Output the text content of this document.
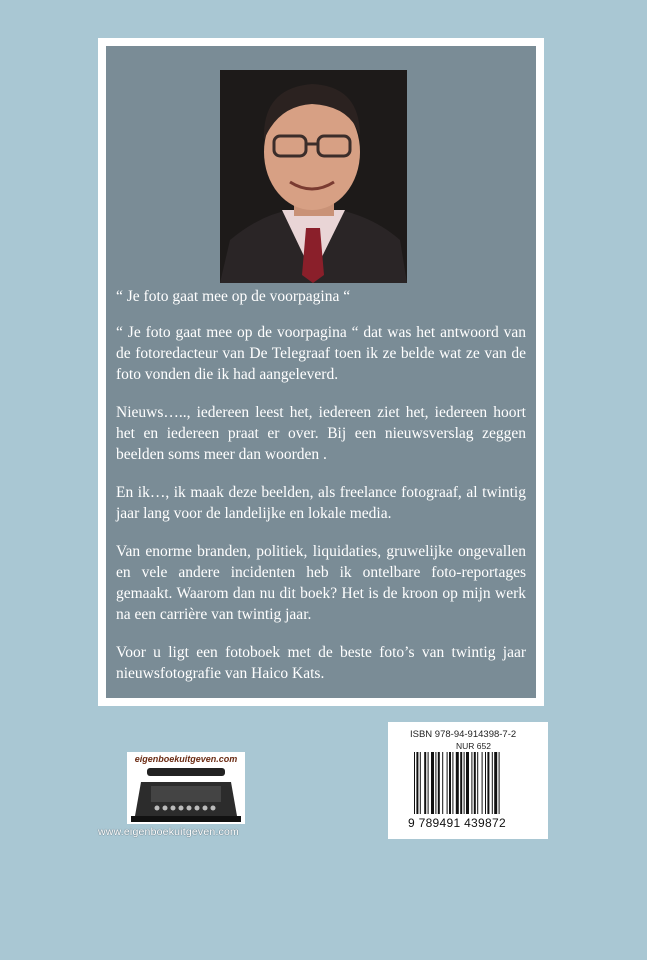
“ Je foto gaat mee op de voorpagina “

“ Je foto gaat mee op de voorpagina “ dat was het antwoord van de fotoredacteur van De Telegraaf toen ik ze belde wat ze van de foto vonden die ik had aangeleverd.

Nieuws….., iedereen leest het, iedereen ziet het, iedereen hoort het en iedereen praat er over. Bij een nieuwsverslag zeggen beelden soms meer dan woorden .

En ik…, ik maak deze beelden, als freelance fotograaf, al twintig jaar lang voor de landelijke en lokale media.

Van enorme branden, politiek, liquidaties, gruwelijke ongevallen en vele andere incidenten heb ik ontelbare foto-reportages gemaakt. Waarom dan nu dit boek? Het is de kroon op mijn werk na een carrière van twintig jaar.

Voor u ligt een fotoboek met de beste foto’s van twintig jaar nieuwsfotografie van Haico Kats.

eigenboekuitgeven.com
www.eigenboekuitgeven.com
ISBN 978-94-914398-7-2
NUR 652
9 789491 439872
